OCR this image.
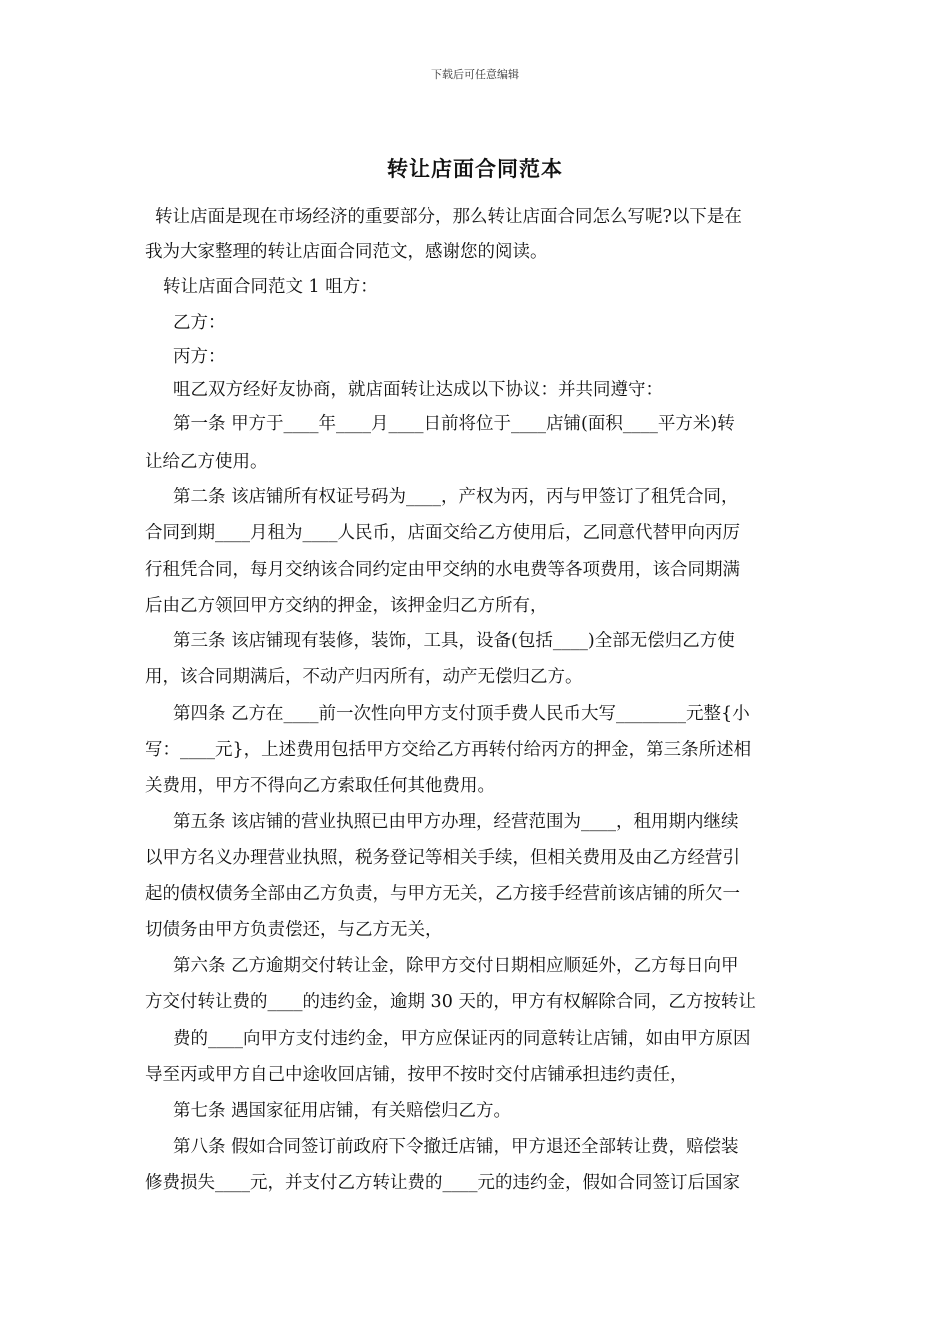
下载后可任意编辑
转让店面合同范本
转让店面是现在市场经济的重要部分，那么转让店面合同怎么写呢?以下是在
我为大家整理的转让店面合同范文，感谢您的阅读。
转让店面合同范文 1 咀方：
乙方：
丙方：
咀乙双方经好友协商，就店面转让达成以下协议：并共同遵守：
第一条 甲方于____年____月____日前将位于____店铺(面积____平方米)转
让给乙方使用。
第二条 该店铺所有权证号码为____，产权为丙，丙与甲签订了租凭合同，
合同到期____月租为____人民币，店面交给乙方使用后，乙同意代替甲向丙厉
行租凭合同，每月交纳该合同约定由甲交纳的水电费等各项费用，该合同期满
后由乙方领回甲方交纳的押金，该押金归乙方所有，
第三条 该店铺现有装修，装饰，工具，设备(包括____)全部无偿归乙方使
用，该合同期满后，不动产归丙所有，动产无偿归乙方。
第四条 乙方在____前一次性向甲方支付顶手费人民币大写________元整{小
写：____元}，上述费用包括甲方交给乙方再转付给丙方的押金，第三条所述相
关费用，甲方不得向乙方索取任何其他费用。
第五条 该店铺的营业执照已由甲方办理，经营范围为____，租用期内继续
以甲方名义办理营业执照，税务登记等相关手续，但相关费用及由乙方经营引
起的债权债务全部由乙方负责，与甲方无关，乙方接手经营前该店铺的所欠一
切债务由甲方负责偿还，与乙方无关，
第六条 乙方逾期交付转让金，除甲方交付日期相应顺延外，乙方每日向甲
方交付转让费的____的违约金，逾期 30 天的，甲方有权解除合同，乙方按转让
费的____向甲方支付违约金，甲方应保证丙的同意转让店铺，如由甲方原因
导至丙或甲方自己中途收回店铺，按甲不按时交付店铺承担违约责任，
第七条 遇国家征用店铺，有关赔偿归乙方。
第八条 假如合同签订前政府下令撤迁店铺，甲方退还全部转让费，赔偿装
修费损失____元，并支付乙方转让费的____元的违约金，假如合同签订后国家
